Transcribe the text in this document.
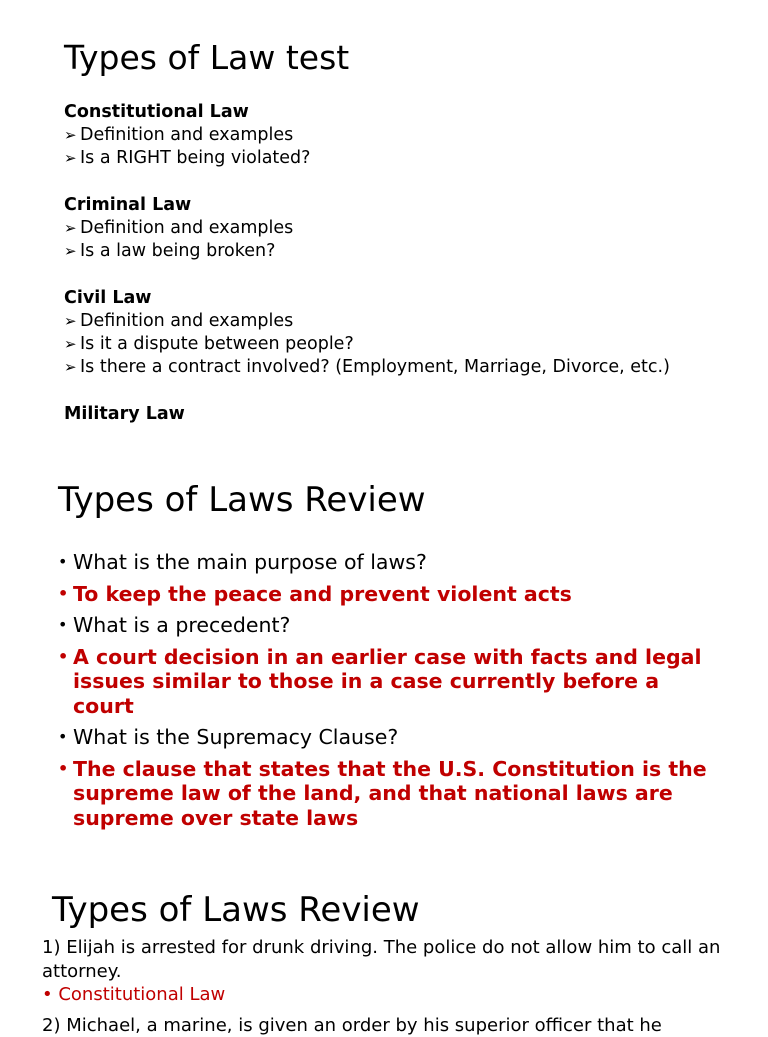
Types of Law test
Constitutional Law
➢ Definition and examples
➢ Is a RIGHT being violated?
Criminal Law
➢ Definition and examples
➢ Is a law being broken?
Civil Law
➢ Definition and examples
➢ Is it a dispute between people?
➢ Is there a contract involved? (Employment, Marriage, Divorce, etc.)
Military Law
Types of Laws Review
• What is the main purpose of laws?
• To keep the peace and prevent violent acts
• What is a precedent?
• A court decision in an earlier case with facts and legal issues similar to those in a case currently before a court
• What is the Supremacy Clause?
• The clause that states that the U.S. Constitution is the supreme law of the land, and that national laws are supreme over state laws
Types of Laws Review
1) Elijah is arrested for drunk driving. The police do not allow him to call an attorney.
• Constitutional Law
2) Michael, a marine, is given an order by his superior officer that he
